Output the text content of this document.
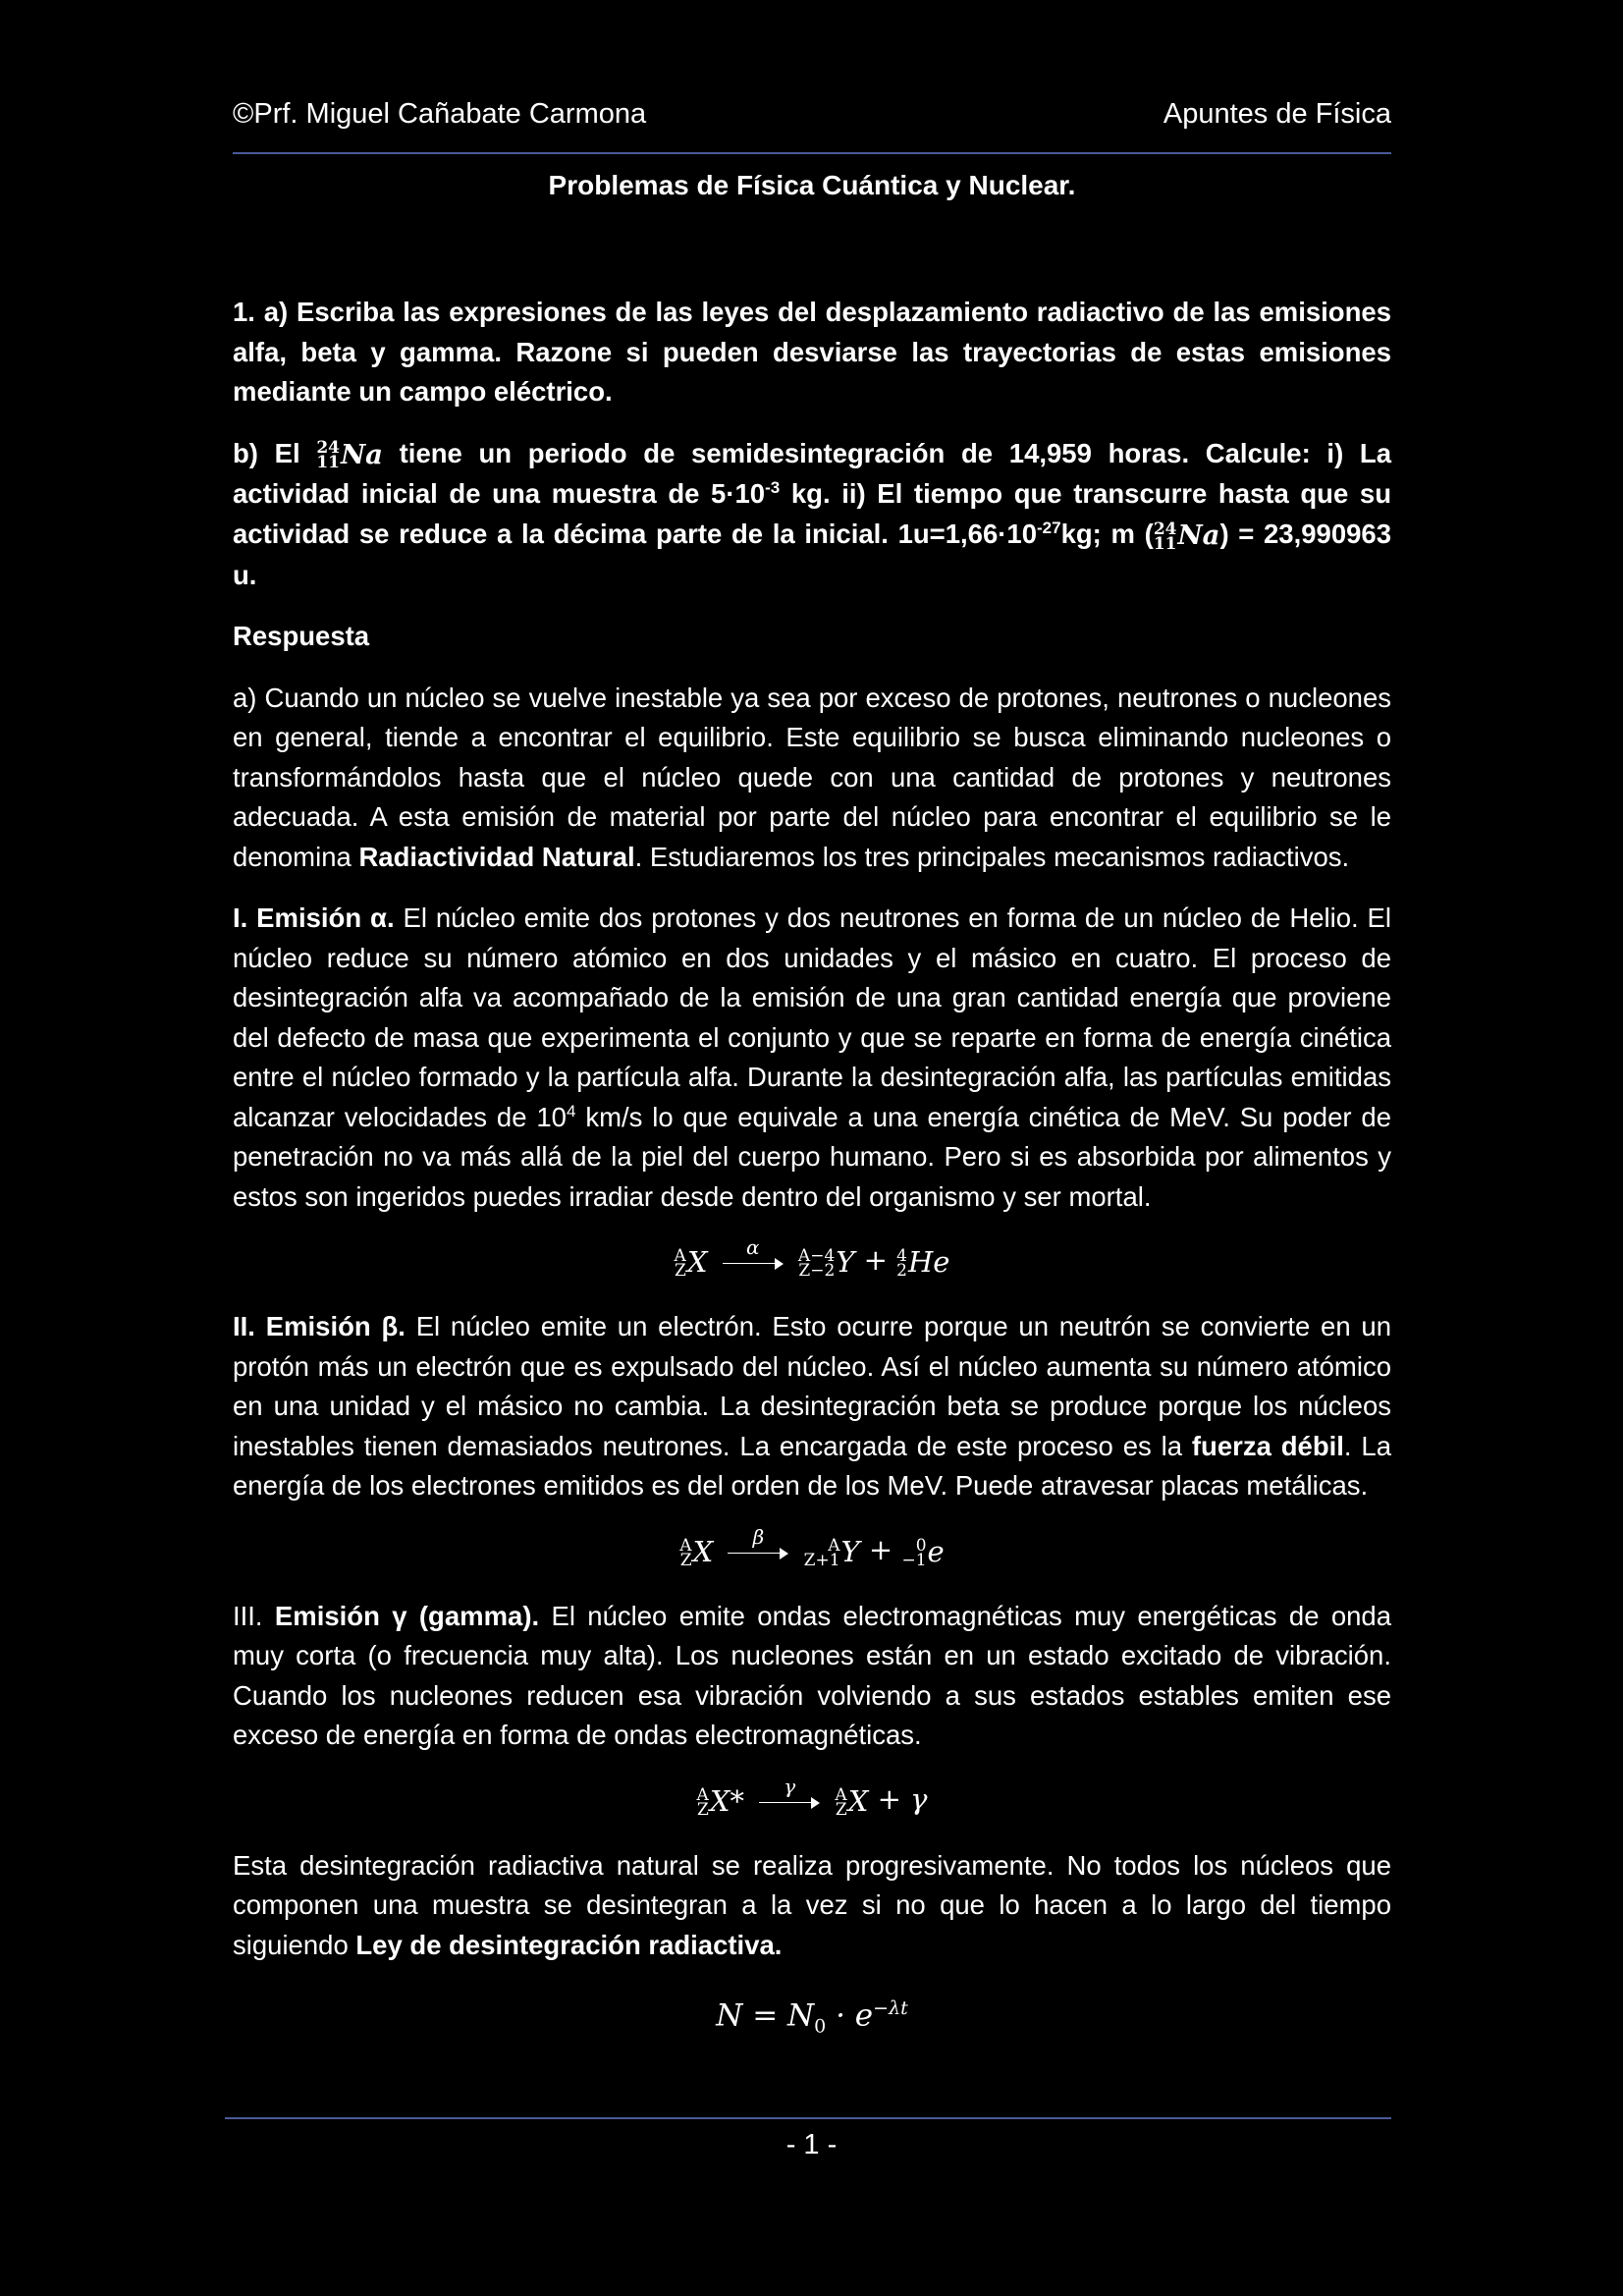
©Prf. Miguel Cañabate Carmona	Apuntes de Física
Problemas de Física Cuántica y Nuclear.

1. a) Escriba las expresiones de las leyes del desplazamiento radiactivo de las emisiones alfa, beta y gamma. Razone si pueden desviarse las trayectorias de estas emisiones mediante un campo eléctrico.

b) El 24
11 Na tiene un periodo de semidesintegración de 14,959 horas. Calcule: i) La actividad inicial de una muestra de $5\cdot 10^{-3}$ kg. ii) El tiempo que transcurre hasta que su actividad se reduce a la décima parte de la inicial. $1u=1,66\cdot 10^{-27}kg$; m ( 24
11 Na) = 23,990963 u.

Respuesta

a) Cuando un núcleo se vuelve inestable ya sea por exceso de protones, neutrones o nucleones en general, tiende a encontrar el equilibrio. Este equilibrio se busca eliminando nucleones o transformándolos hasta que el núcleo quede con una cantidad de protones y neutrones adecuada. A esta emisión de material por parte del núcleo para encontrar el equilibrio se le denomina Radiactividad Natural. Estudiaremos los tres principales mecanismos radiactivos.

I. Emisión α. El núcleo emite dos protones y dos neutrones en forma de un núcleo de Helio. El núcleo reduce su número atómico en dos unidades y el másico en cuatro. El proceso de desintegración alfa va acompañado de la emisión de una gran cantidad energía que proviene del defecto de masa que experimenta el conjunto y que se reparte en forma de energía cinética entre el núcleo formado y la partícula alfa. Durante la desintegración alfa, las partículas emitidas alcanzar velocidades de $10^4$ km/s lo que equivale a una energía cinética de MeV. Su poder de penetración no va más allá de la piel del cuerpo humano. Pero si es absorbida por alimentos y estos son ingeridos puedes irradiar desde dentro del organismo y ser mortal.

A
Z X α
A−4
Z−2 Y + 4
2 He

II. Emisión β. El núcleo emite un electrón. Esto ocurre porque un neutrón se convierte en un protón más un electrón que es expulsado del núcleo. Así el núcleo aumenta su número atómico en una unidad y el másico no cambia. La desintegración beta se produce porque los núcleos inestables tienen demasiados neutrones. La encargada de este proceso es la fuerza débil. La energía de los electrones emitidos es del orden de los MeV. Puede atravesar placas metálicas.

A
Z X β
	A
Z+1 Y +	0
−1 e

III. Emisión γ (gamma). El núcleo emite ondas electromagnéticas muy energéticas de onda muy corta (o frecuencia muy alta). Los nucleones están en un estado excitado de vibración. Cuando los nucleones reducen esa vibración volviendo a sus estados estables emiten ese exceso de energía en forma de ondas electromagnéticas.

A
Z X* γ
A
Z X + γ

Esta desintegración radiactiva natural se realiza progresivamente. No todos los núcleos que componen una muestra se desintegran a la vez si no que lo hacen a lo largo del tiempo siguiendo Ley de desintegración radiactiva.

$N = N_0 \cdot e^{-\lambda t}$
- 1 -
